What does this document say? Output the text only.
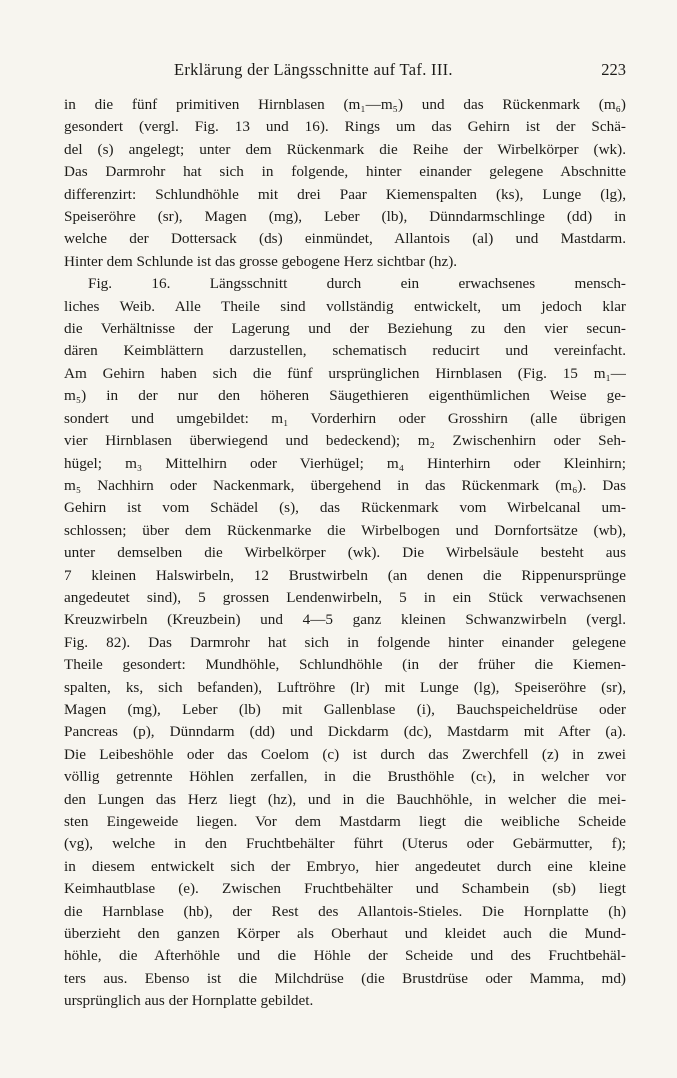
Erklärung der Längsschnitte auf Taf. III.	223
in die fünf primitiven Hirnblasen (m₁—m₅) und das Rückenmark (m₆)
gesondert (vergl. Fig. 13 und 16). Rings um das Gehirn ist der Schä-
del (s) angelegt; unter dem Rückenmark die Reihe der Wirbelkörper (wk).
Das Darmrohr hat sich in folgende, hinter einander gelegene Abschnitte
differenzirt: Schlundhöhle mit drei Paar Kiemenspalten (ks), Lunge (lg),
Speiseröhre (sr), Magen (mg), Leber (lb), Dünndarmschlinge (dd) in
welche der Dottersack (ds) einmündet, Allantois (al) und Mastdarm.
Hinter dem Schlunde ist das grosse gebogene Herz sichtbar (hz).
Fig. 16. Längsschnitt durch ein erwachsenes mensch-
liches Weib. Alle Theile sind vollständig entwickelt, um jedoch klar
die Verhältnisse der Lagerung und der Beziehung zu den vier secun-
dären Keimblättern darzustellen, schematisch reducirt und vereinfacht.
Am Gehirn haben sich die fünf ursprünglichen Hirnblasen (Fig. 15 m₁—
m₅) in der nur den höheren Säugethieren eigenthümlichen Weise ge-
sondert und umgebildet: m₁ Vorderhirn oder Grosshirn (alle übrigen
vier Hirnblasen überwiegend und bedeckend); m₂ Zwischenhirn oder Seh-
hügel; m₃ Mittelhirn oder Vierhügel; m₄ Hinterhirn oder Kleinhirn;
m₅ Nachhirn oder Nackenmark, übergehend in das Rückenmark (m₆). Das
Gehirn ist vom Schädel (s), das Rückenmark vom Wirbelcanal um-
schlossen; über dem Rückenmarke die Wirbelbogen und Dornfortsätze (wb),
unter demselben die Wirbelkörper (wk). Die Wirbelsäule besteht aus
7 kleinen Halswirbeln, 12 Brustwirbeln (an denen die Rippenursprünge
angedeutet sind), 5 grossen Lendenwirbeln, 5 in ein Stück verwachsenen
Kreuzwirbeln (Kreuzbein) und 4—5 ganz kleinen Schwanzwirbeln (vergl.
Fig. 82). Das Darmrohr hat sich in folgende hinter einander gelegene
Theile gesondert: Mundhöhle, Schlundhöhle (in der früher die Kiemen-
spalten, ks, sich befanden), Luftröhre (lr) mit Lunge (lg), Speiseröhre (sr),
Magen (mg), Leber (lb) mit Gallenblase (i), Bauchspeicheldrüse oder
Pancreas (p), Dünndarm (dd) und Dickdarm (dc), Mastdarm mit After (a).
Die Leibeshöhle oder das Coelom (c) ist durch das Zwerchfell (z) in zwei
völlig getrennte Höhlen zerfallen, in die Brusthöhle (cₜ), in welcher vor
den Lungen das Herz liegt (hz), und in die Bauchhöhle, in welcher die mei-
sten Eingeweide liegen. Vor dem Mastdarm liegt die weibliche Scheide
(vg), welche in den Fruchtbehälter führt (Uterus oder Gebärmutter, f);
in diesem entwickelt sich der Embryo, hier angedeutet durch eine kleine
Keimhautblase (e). Zwischen Fruchtbehälter und Schambein (sb) liegt
die Harnblase (hb), der Rest des Allantois-Stieles. Die Hornplatte (h)
überzieht den ganzen Körper als Oberhaut und kleidet auch die Mund-
höhle, die Afterhöhle und die Höhle der Scheide und des Fruchtbehäl-
ters aus. Ebenso ist die Milchdrüse (die Brustdrüse oder Mamma, md)
ursprünglich aus der Hornplatte gebildet.
